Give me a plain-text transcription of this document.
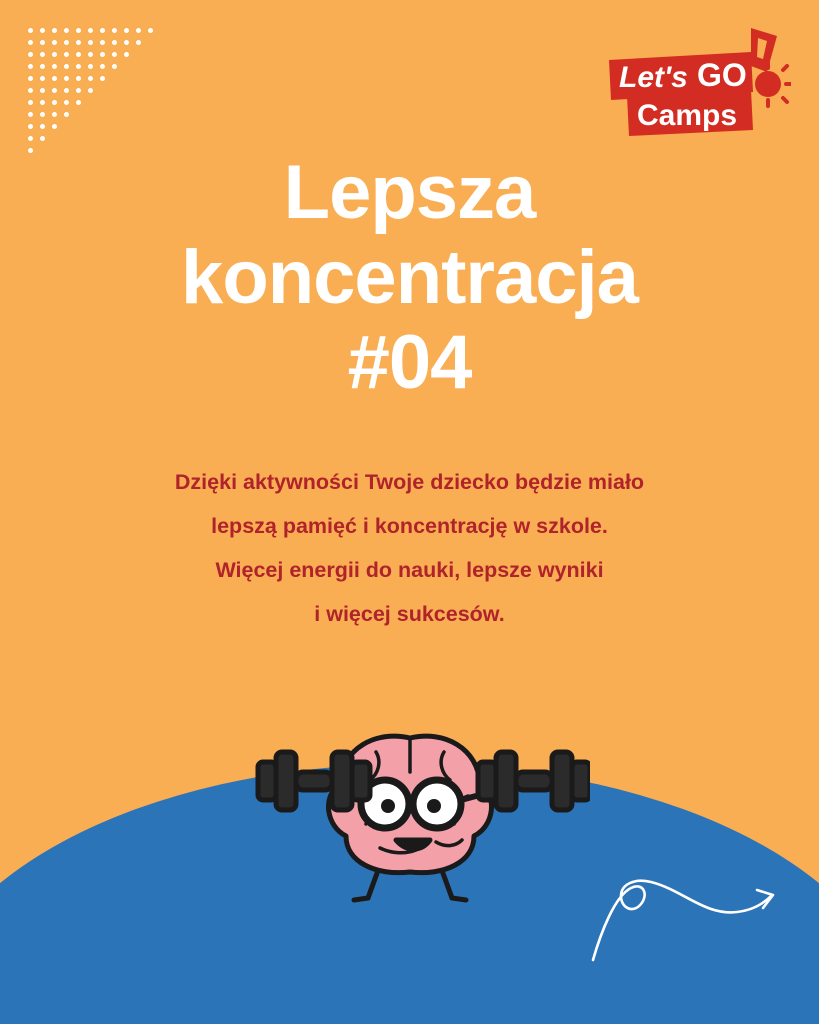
Let's GO
Camps
Lepsza
koncentracja
#04
Dzięki aktywności Twoje dziecko będzie miało
lepszą pamięć i koncentrację w szkole.
Więcej energii do nauki, lepsze wyniki
i więcej sukcesów.
